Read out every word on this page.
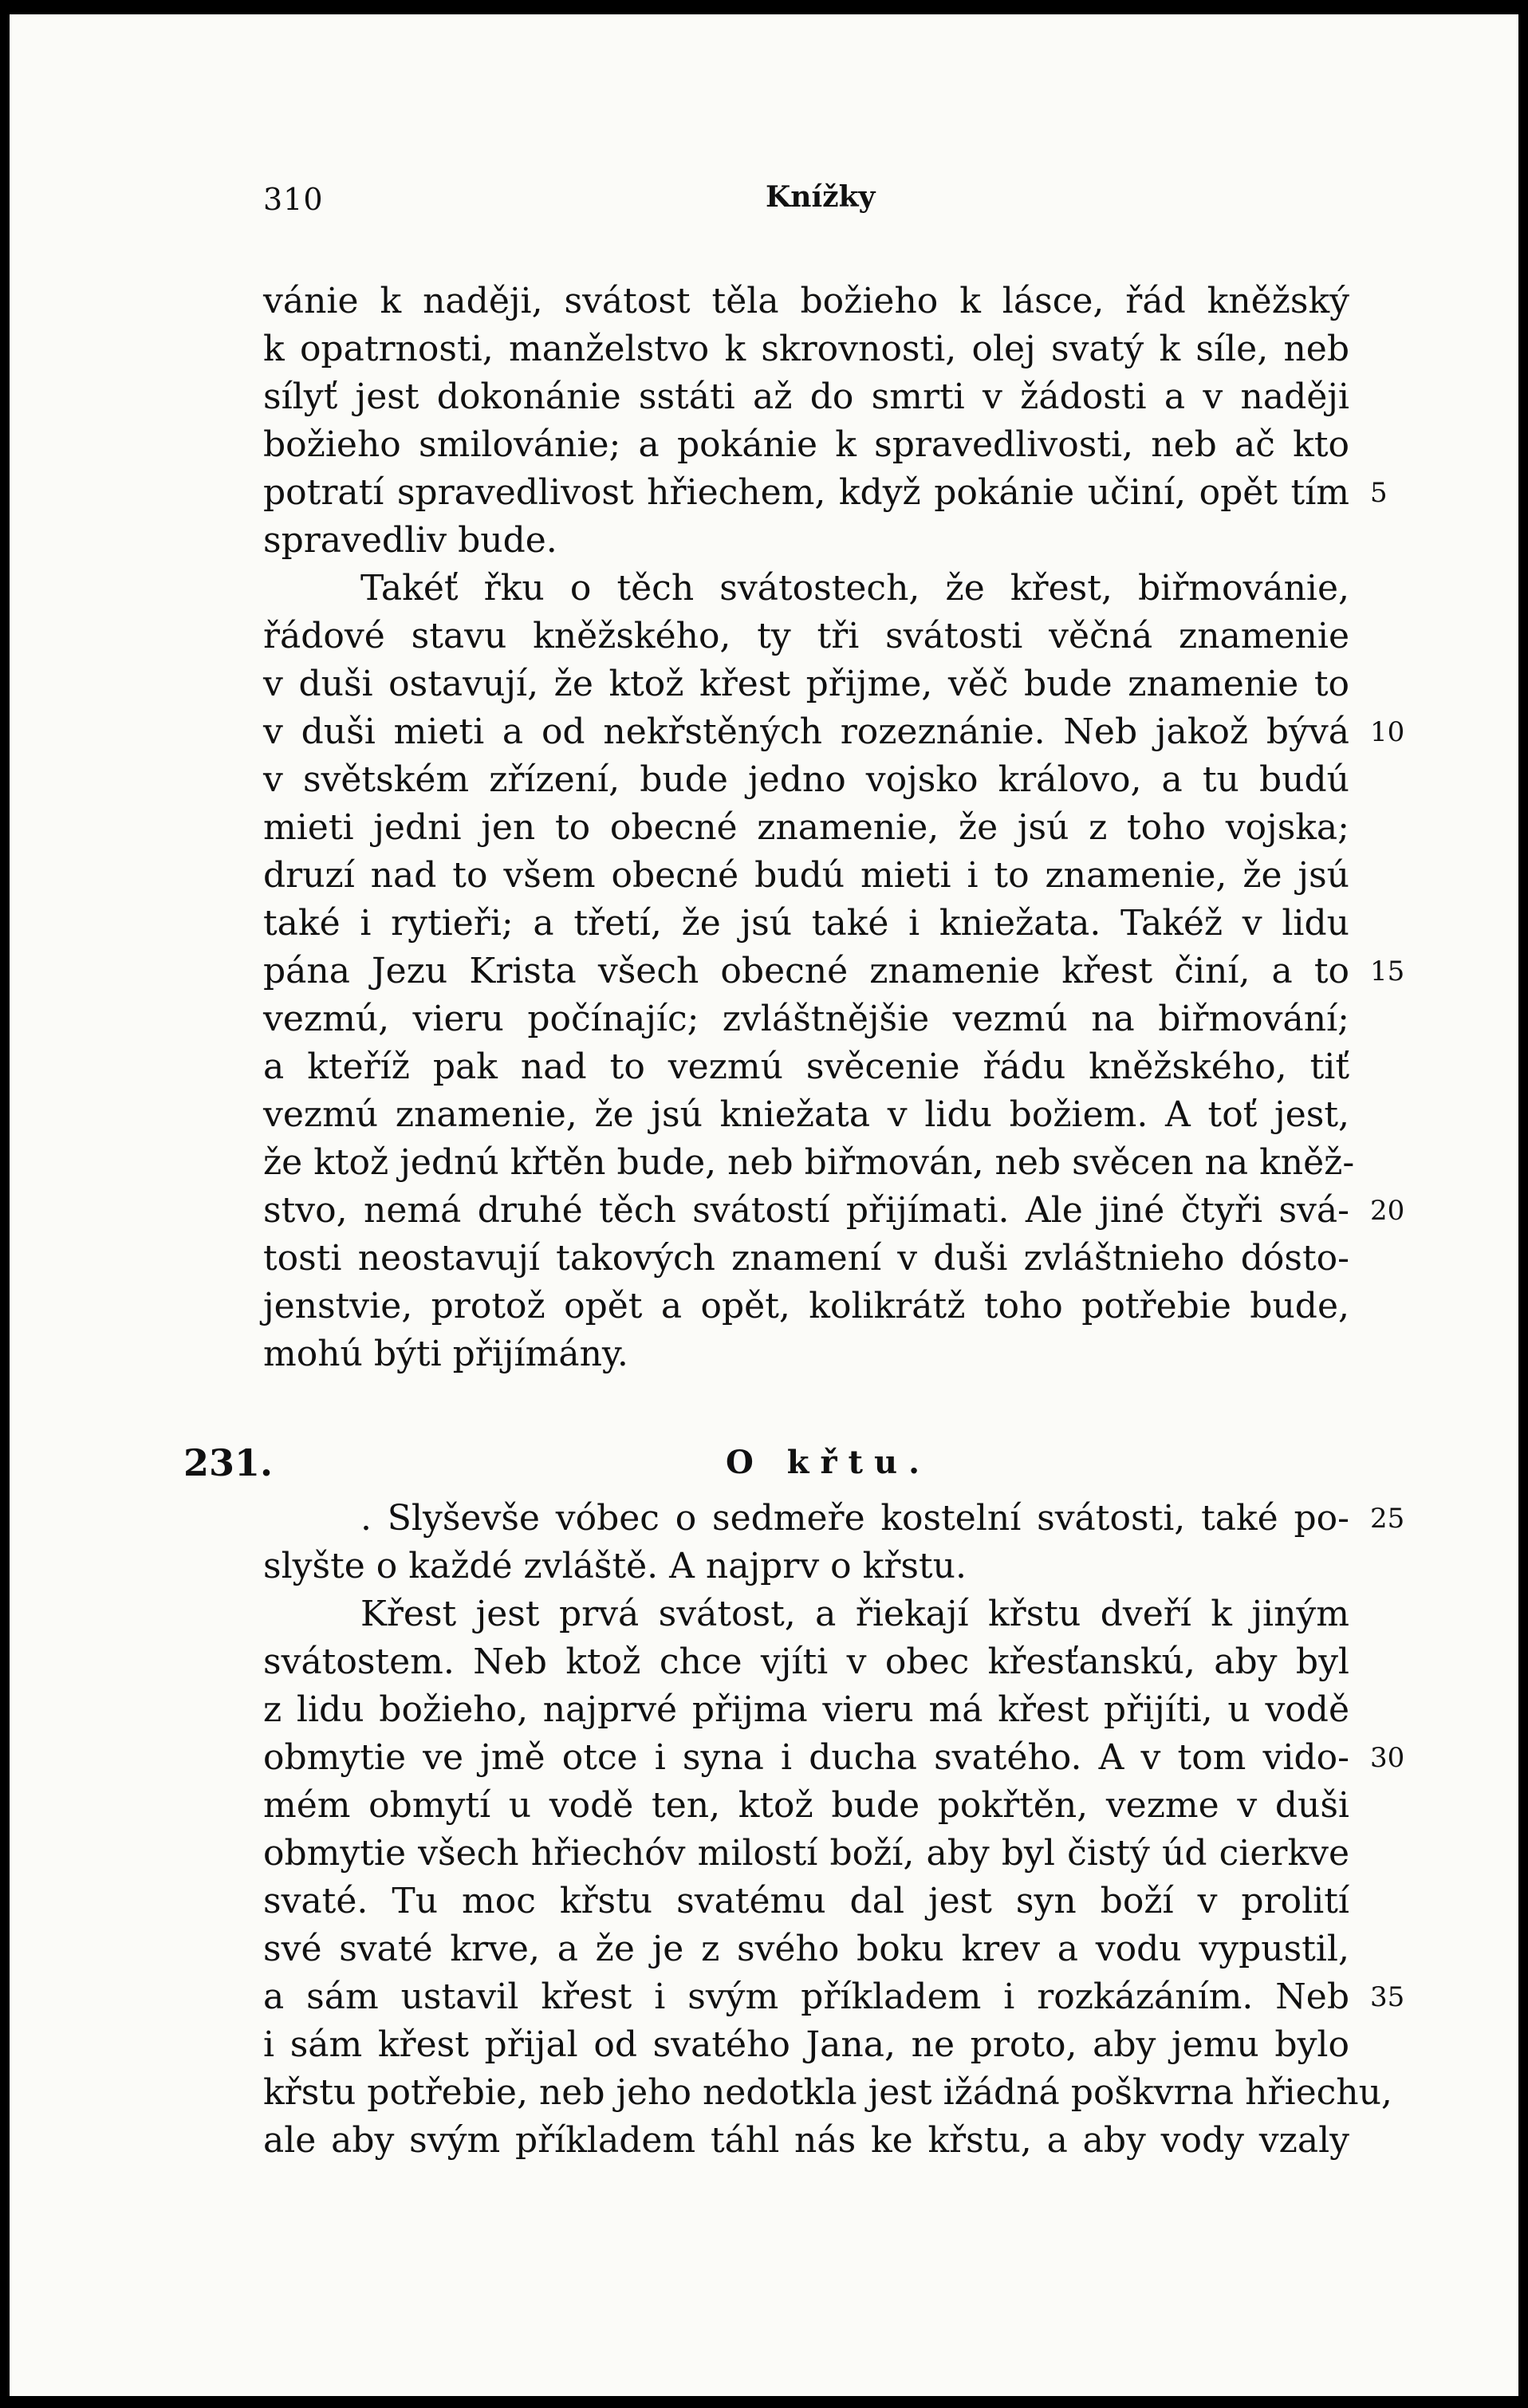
310	Knížky
vánie k naději, svátost těla božieho k lásce, řád kněžský
k opatrnosti, manželstvo k skrovnosti, olej svatý k síle, neb
sílyť jest dokonánie sstáti až do smrti v žádosti a v naději
božieho smilovánie; a pokánie k spravedlivosti, neb ač kto
potratí spravedlivost hřiechem, když pokánie učiní, opět tím
spravedliv bude.
Takéť řku o těch svátostech, že křest, biřmovánie,
řádové stavu kněžského, ty tři svátosti věčná znamenie
v duši ostavují, že ktož křest přijme, věč bude znamenie to
v duši mieti a od nekřstěných rozeznánie. Neb jakož bývá
v světském zřízení, bude jedno vojsko královo, a tu budú
mieti jedni jen to obecné znamenie, že jsú z toho vojska;
druzí nad to všem obecné budú mieti i to znamenie, že jsú
také i rytieři; a třetí, že jsú také i kniežata. Takéž v lidu
pána Jezu Krista všech obecné znamenie křest činí, a to
vezmú, vieru počínajíc; zvláštnějšie vezmú na biřmování;
a kteříž pak nad to vezmú svěcenie řádu kněžského, tiť
vezmú znamenie, že jsú kniežata v lidu božiem. A toť jest,
že ktož jednú křtěn bude, neb biřmován, neb svěcen na kněž-
stvo, nemá druhé těch svátostí přijímati. Ale jiné čtyři svá-
tosti neostavují takových znamení v duši zvláštnieho dósto-
jenstvie, protož opět a opět, kolikrátž toho potřebie bude,
mohú býti přijímány.
5
10
15
20
231.	O křtu.
. Slyševše vóbec o sedmeře kostelní svátosti, také po-
slyšte o každé zvláště. A najprv o křstu.
Křest jest prvá svátost, a řiekají křstu dveří k jiným
svátostem. Neb ktož chce vjíti v obec křesťanskú, aby byl
z lidu božieho, najprvé přijma vieru má křest přijíti, u vodě
obmytie ve jmě otce i syna i ducha svatého. A v tom vido-
mém obmytí u vodě ten, ktož bude pokřtěn, vezme v duši
obmytie všech hřiechóv milostí boží, aby byl čistý úd cierkve
svaté. Tu moc křstu svatému dal jest syn boží v prolití
své svaté krve, a že je z svého boku krev a vodu vypustil,
a sám ustavil křest i svým příkladem i rozkázáním. Neb
i sám křest přijal od svatého Jana, ne proto, aby jemu bylo
křstu potřebie, neb jeho nedotkla jest ižádná poškvrna hřiechu,
ale aby svým příkladem táhl nás ke křstu, a aby vody vzaly
25
30
35
